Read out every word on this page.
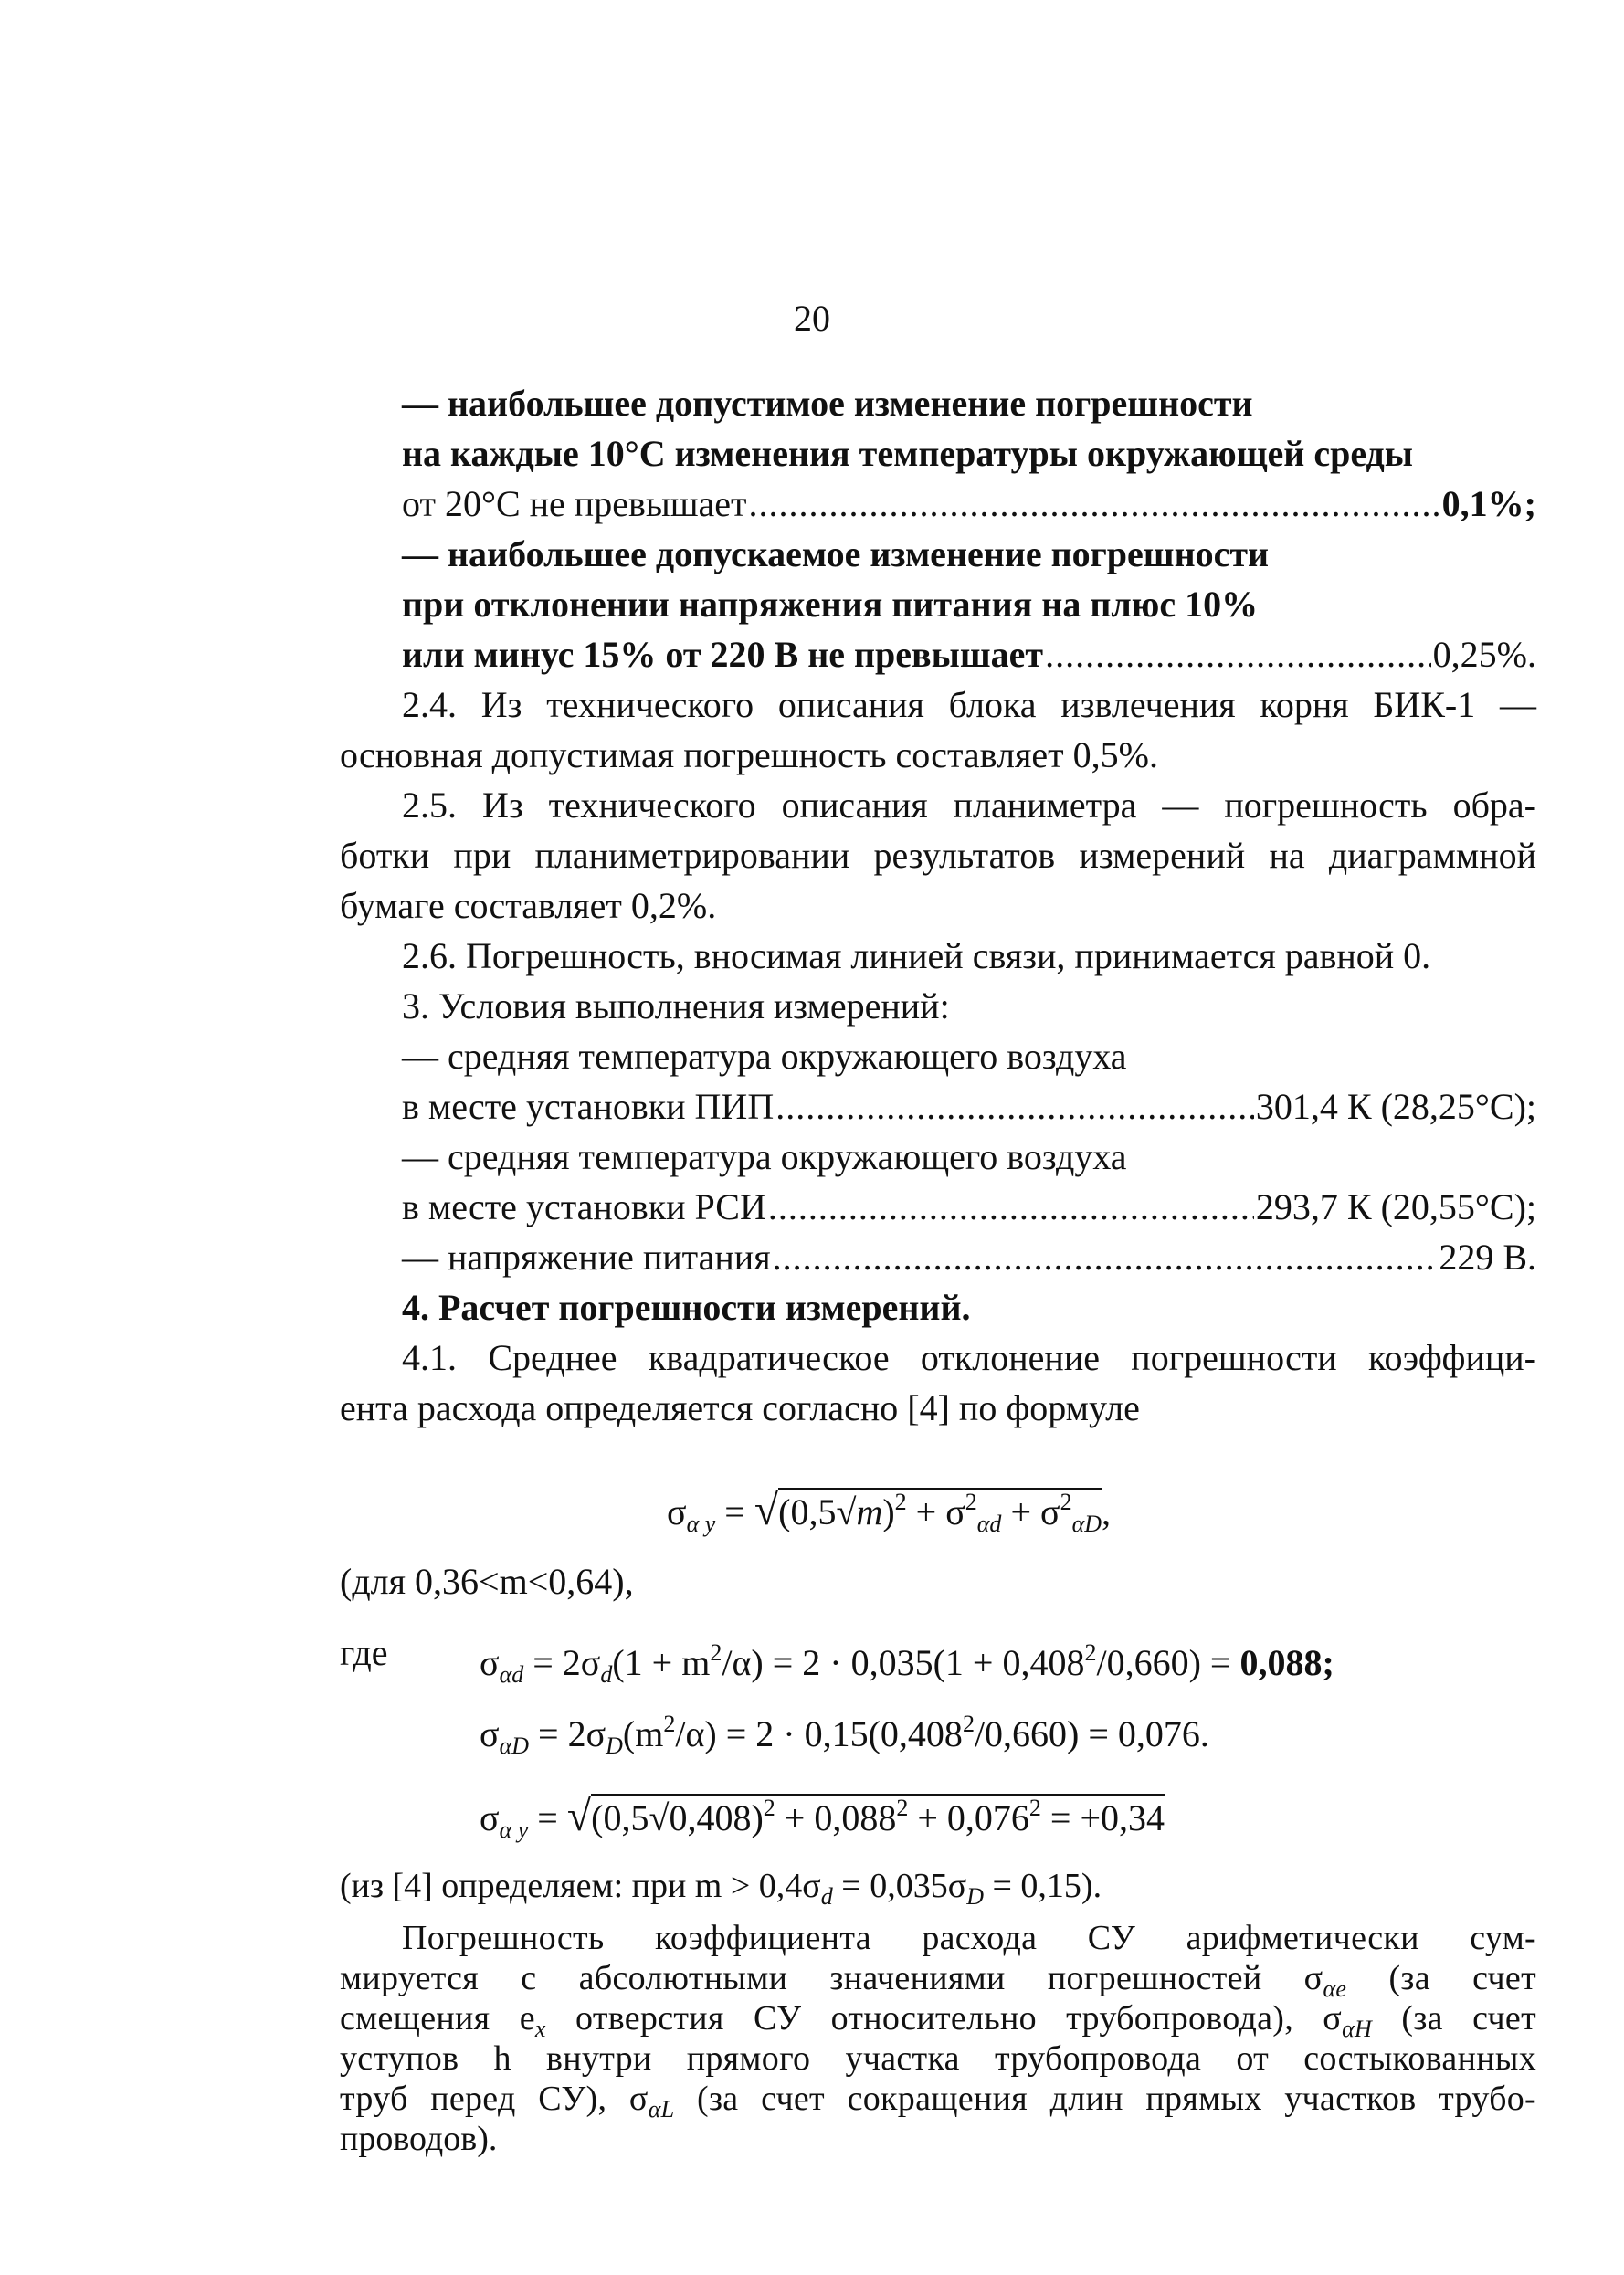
20
— наибольшее допустимое изменение погрешности
на каждые 10°С изменения температуры окружающей среды
от 20°С не превышает .....	0,1%;
— наибольшее допускаемое изменение погрешности
при отклонении напряжения питания на плюс 10%
или минус 15% от 220 В не превышает .....	0,25%.
2.4. Из технического описания блока извлечения корня БИК-1 —
основная допустимая погрешность составляет 0,5%.
2.5. Из технического описания планиметра — погрешность обра-
ботки при планиметрировании результатов измерений на диаграммной
бумаге составляет 0,2%.
2.6. Погрешность, вносимая линией связи, принимается равной 0.
3. Условия выполнения измерений:
— средняя температура окружающего воздуха
в месте установки ПИП .....	301,4 К (28,25°С);
— средняя температура окружающего воздуха
в месте установки РСИ .....	293,7 К (20,55°С);
— напряжение питания .....	229 В.
4. Расчет погрешности измерений.
4.1. Среднее квадратическое отклонение погрешности коэффици-
ента расхода определяется согласно [4] по формуле
$\sigma_{\alpha у} = √(0,5√m)^2 + \sigma^2_{\alpha d} + \sigma^2_{\alpha D}$,
(для 0,36<m<0,64),
где	$\sigma_{\alpha d} = 2\sigma_d(1 + m^2/\alpha) = 2 \cdot 0,035(1 + 0,408^2/0,660) = 0,088$;
$\sigma_{\alpha D} = 2\sigma_D(m^2/\alpha) = 2 \cdot 0,15(0,408^2/0,660) = 0,076$.
$\sigma_{\alpha у} = √(0,5√0,408)^2 + 0,088^2 + 0,076^2 = +0,34$
(из [4] определяем: при $m > 0,4\sigma_d = 0,035\sigma_D = 0,15$).
Погрешность коэффициента расхода СУ арифметически сум-
мируется с абсолютными значениями погрешностей $\sigma_{\alpha e}$ (за счет
смещения $e_x$ отверстия СУ относительно трубопровода), $\sigma_{\alpha H}$ (за счет
уступов h внутри прямого участка трубопровода от состыкованных
труб перед СУ), $\sigma_{\alpha L}$ (за счет сокращения длин прямых участков трубо-
проводов).
